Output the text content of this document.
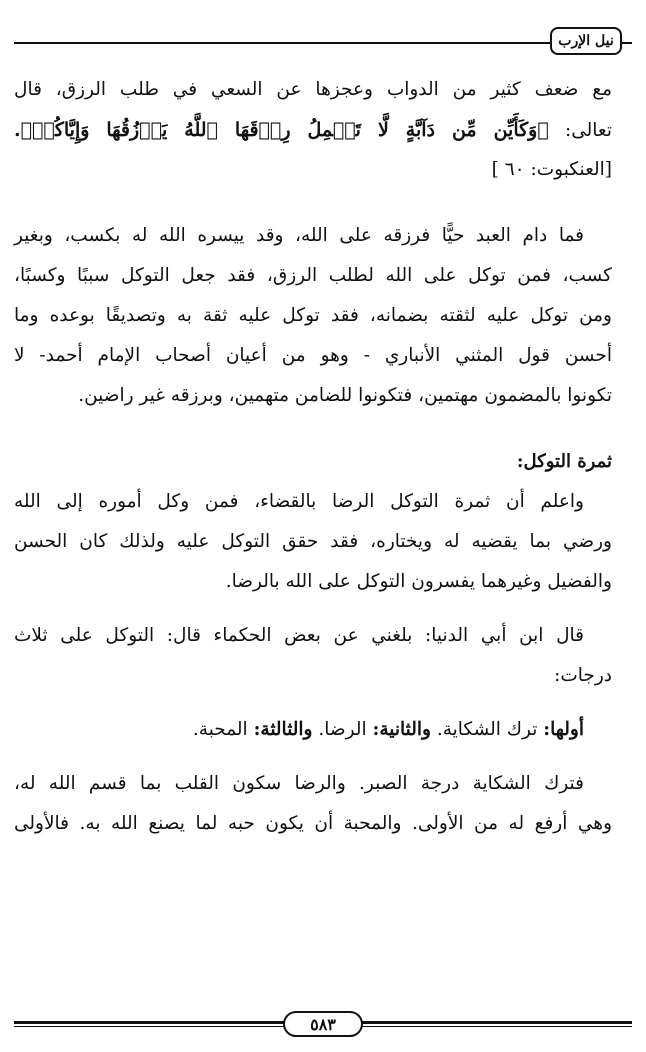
نيل الإرب
مع ضعف كثير من الدواب وعجزها عن السعي في طلب الرزق، قال
تعالى: ﴿وَكَأَيِّن مِّن دَآبَّةٍ لَّا تَحۡمِلُ رِزۡقَهَا ٱللَّهُ يَرۡزُقُهَا وَإِيَّاكُمۡ﴾.
[العنكبوت: ٦٠ ]
فما دام العبد حيًّا فرزقه على الله، وقد ييسره الله له بكسب، وبغير
كسب، فمن توكل على الله لطلب الرزق، فقد جعل التوكل سببًا وكسبًا،
ومن توكل عليه لثقته بضمانه، فقد توكل عليه ثقة به وتصديقًا بوعده وما
أحسن قول المثني الأنباري - وهو من أعيان أصحاب الإمام أحمد- لا
تكونوا بالمضمون مهتمين، فتكونوا للضامن متهمين، وبرزقه غير راضين.
ثمرة التوكل:
واعلم أن ثمرة التوكل الرضا بالقضاء، فمن وكل أموره إلى الله
ورضي بما يقضيه له ويختاره، فقد حقق التوكل عليه ولذلك كان الحسن
والفضيل وغيرهما يفسرون التوكل على الله بالرضا.
قال ابن أبي الدنيا: بلغني عن بعض الحكماء قال: التوكل على ثلاث
درجات:
أولها: ترك الشكاية. والثانية: الرضا. والثالثة: المحبة.
فترك الشكاية درجة الصبر. والرضا سكون القلب بما قسم الله له،
وهي أرفع له من الأولى. والمحبة أن يكون حبه لما يصنع الله به. فالأولى
٥٨٣
